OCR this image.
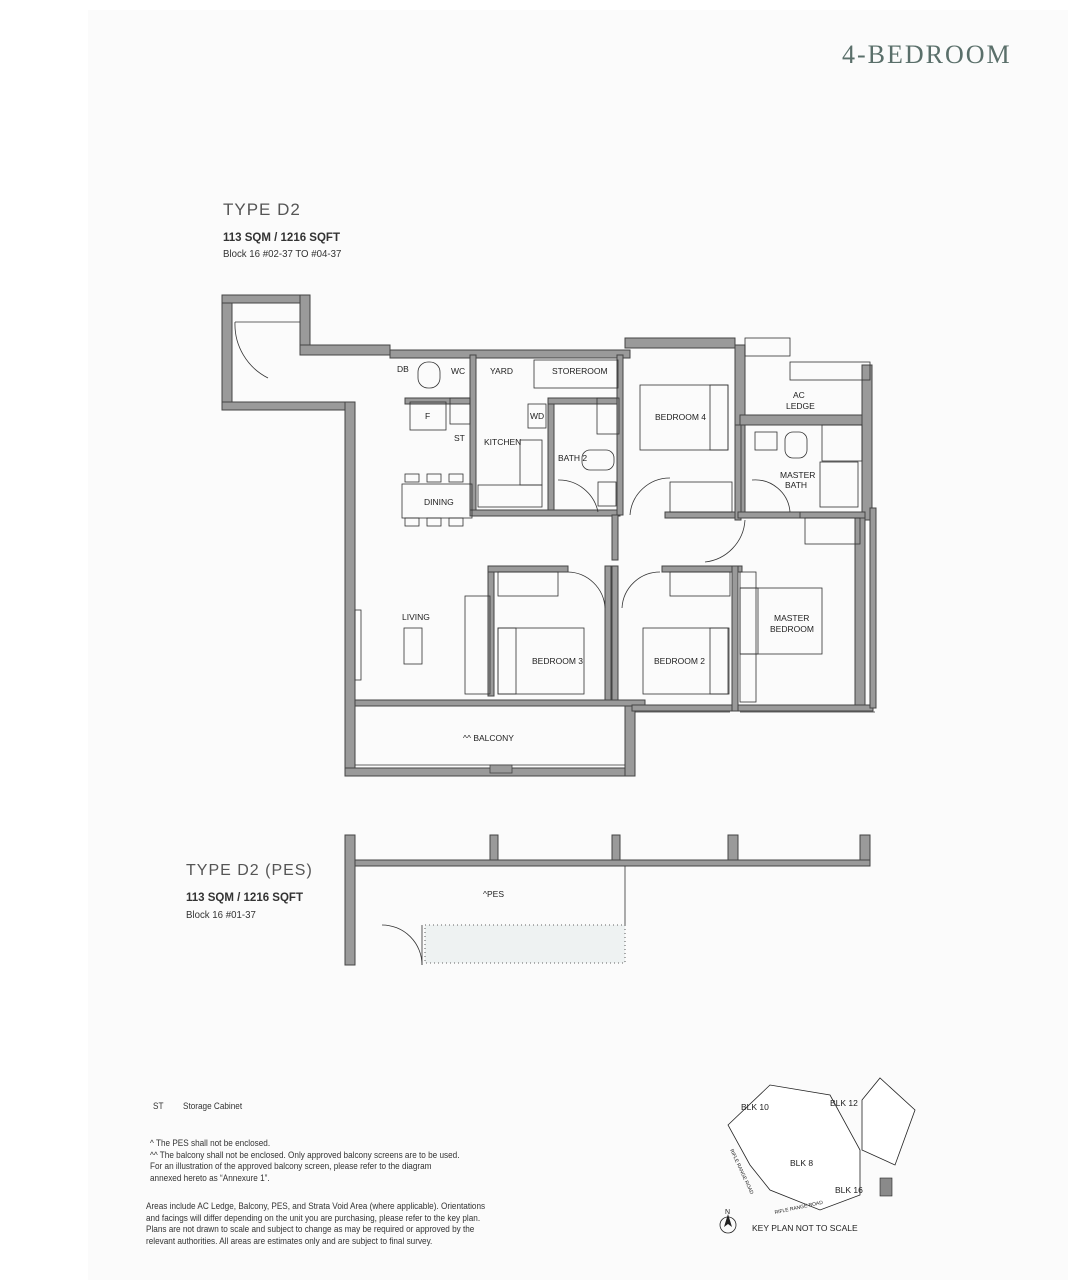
4-BEDROOM
TYPE D2
113 SQM / 1216 SQFT
Block 16 #02-37 TO #04-37
DB	WC	YARD	STOREROOM
BEDROOM 4
AC
LEDGE
F	WD
ST KITCHEN
BATH 2
MASTER
BATH
DINING
LIVING
BEDROOM 3	BEDROOM 2
MASTER
BEDROOM
^^ BALCONY
^PES
BLK 10	BLK 12
BLK 8
BLK 16
RIFLE RANGE ROAD
RIFLE RANGE ROAD
N
KEY PLAN NOT TO SCALE
TYPE D2 (PES)
113 SQM / 1216 SQFT
Block 16 #01-37
ST Storage Cabinet
^ The PES shall not be enclosed.
^^ The balcony shall not be enclosed. Only approved balcony screens are to be used.
For an illustration of the approved balcony screen, please refer to the diagram
annexed hereto as “Annexure 1”.
Areas include AC Ledge, Balcony, PES, and Strata Void Area (where applicable). Orientations
and facings will differ depending on the unit you are purchasing, please refer to the key plan.
Plans are not drawn to scale and subject to change as may be required or approved by the
relevant authorities. All areas are estimates only and are subject to final survey.
